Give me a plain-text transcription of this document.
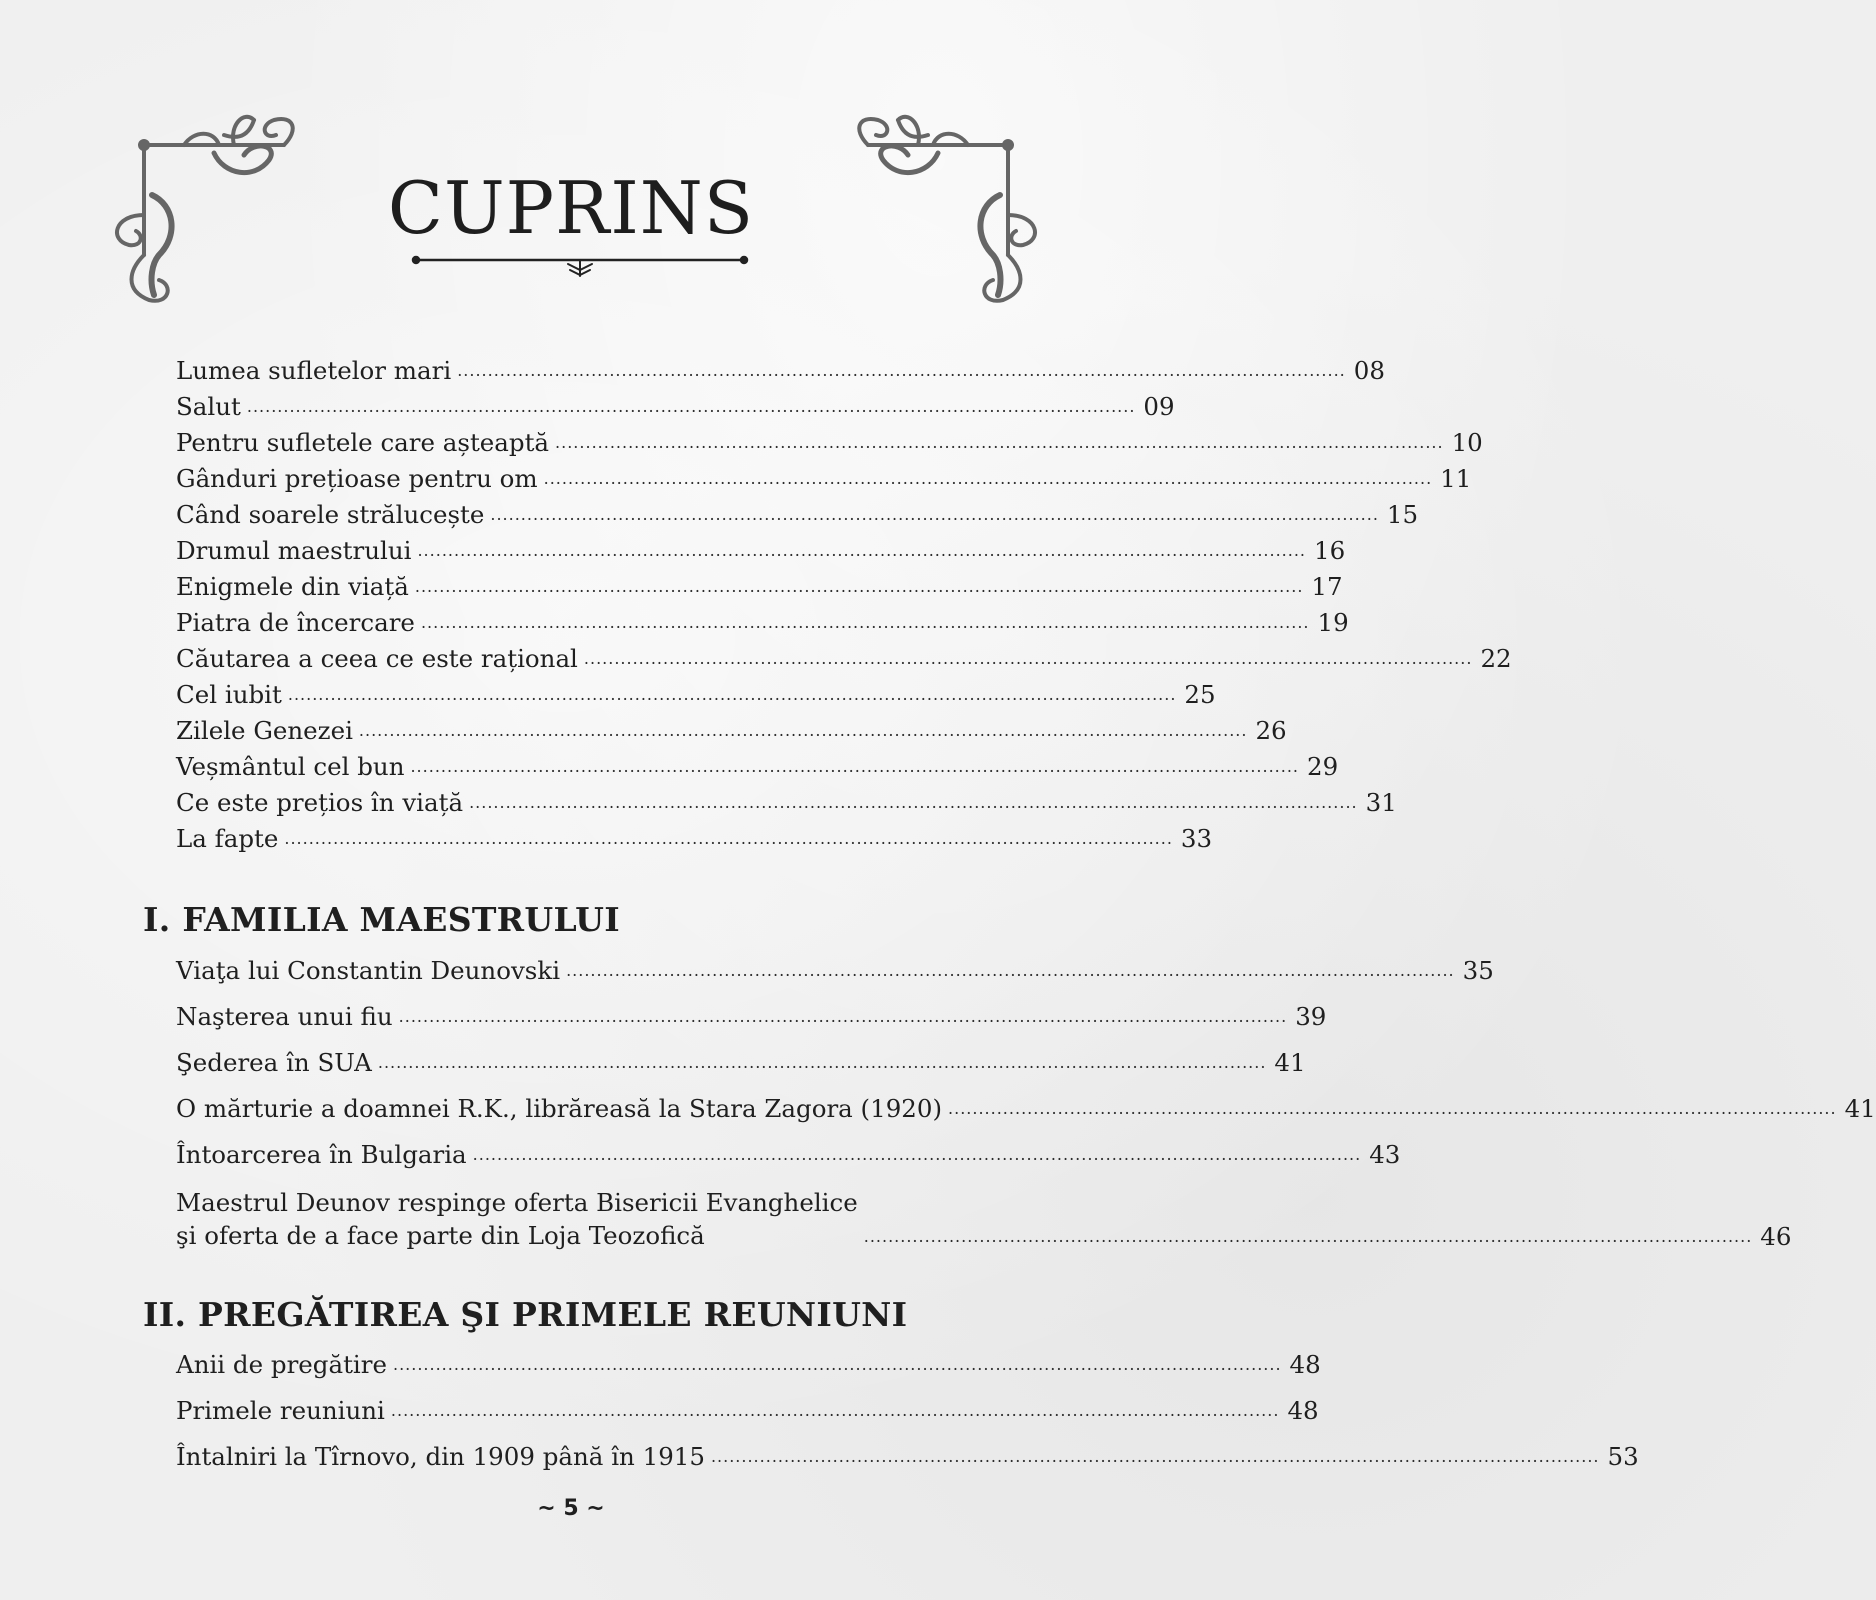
CUPRINS
Lumea sufletelor mari .................................................................................................................................................. 08
Salut .................................................................................................................................................. 09
Pentru sufletele care așteaptă .................................................................................................................................................. 10
Gânduri prețioase pentru om .................................................................................................................................................. 11
Când soarele strălucește .................................................................................................................................................. 15
Drumul maestrului .................................................................................................................................................. 16
Enigmele din viață .................................................................................................................................................. 17
Piatra de încercare .................................................................................................................................................. 19
Căutarea a ceea ce este rațional .................................................................................................................................................. 22
Cel iubit .................................................................................................................................................. 25
Zilele Genezei .................................................................................................................................................. 26
Veșmântul cel bun .................................................................................................................................................. 29
Ce este prețios în viață .................................................................................................................................................. 31
La fapte .................................................................................................................................................. 33
I. FAMILIA MAESTRULUI
Viaţa lui Constantin Deunovski .................................................................................................................................................. 35
Naşterea unui fiu .................................................................................................................................................. 39
Şederea în SUA .................................................................................................................................................. 41
O mărturie a doamnei R.K., librăreasă la Stara Zagora (1920) .................................................................................................................................................. 41
Întoarcerea în Bulgaria .................................................................................................................................................. 43
Maestrul Deunov respinge oferta Bisericii Evanghelice
şi oferta de a face parte din Loja Teozofică	.................................................................................................................................................. 46
II. PREGĂTIREA ŞI PRIMELE REUNIUNI
Anii de pregătire .................................................................................................................................................. 48
Primele reuniuni .................................................................................................................................................. 48
Întalniri la Tîrnovo, din 1909 până în 1915 .................................................................................................................................................. 53
~ 5 ~
